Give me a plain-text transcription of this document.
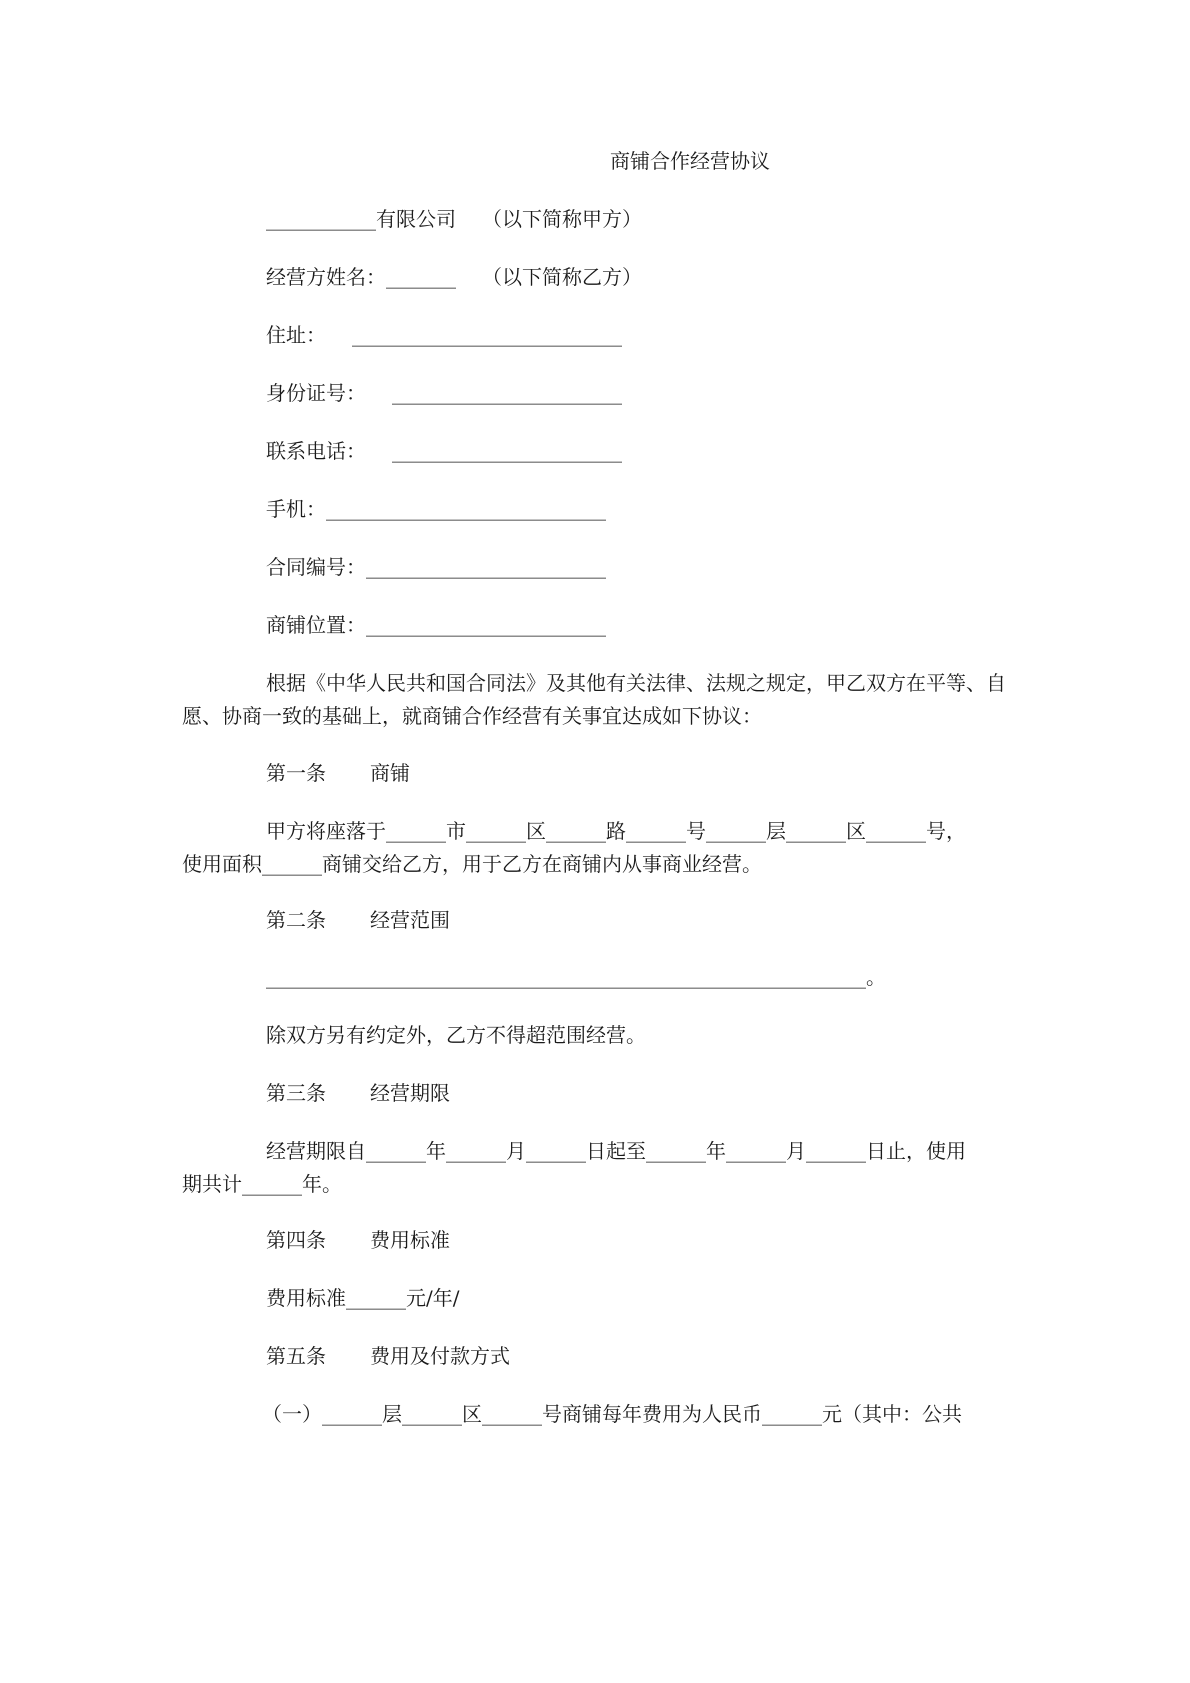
商铺合作经营协议
___________有限公司 （以下简称甲方）
经营方姓名：_______ （以下简称乙方）
住址： ___________________________
身份证号： _______________________
联系电话： _______________________
手机：____________________________
合同编号：________________________
商铺位置：________________________
根据《中华人民共和国合同法》及其他有关法律、法规之规定，甲乙双方在平等、自
愿、协商一致的基础上，就商铺合作经营有关事宜达成如下协议：
第一条 商铺
甲方将座落于______市______区______路______号______层______区______号，
使用面积______商铺交给乙方，用于乙方在商铺内从事商业经营。
第二条 经营范围
____________________________________________________________。
除双方另有约定外，乙方不得超范围经营。
第三条 经营期限
经营期限自______年______月______日起至______年______月______日止，使用
期共计______年。
第四条 费用标准
费用标准______元/年/
第五条 费用及付款方式
（一）______层______区______号商铺每年费用为人民币______元（其中：公共
